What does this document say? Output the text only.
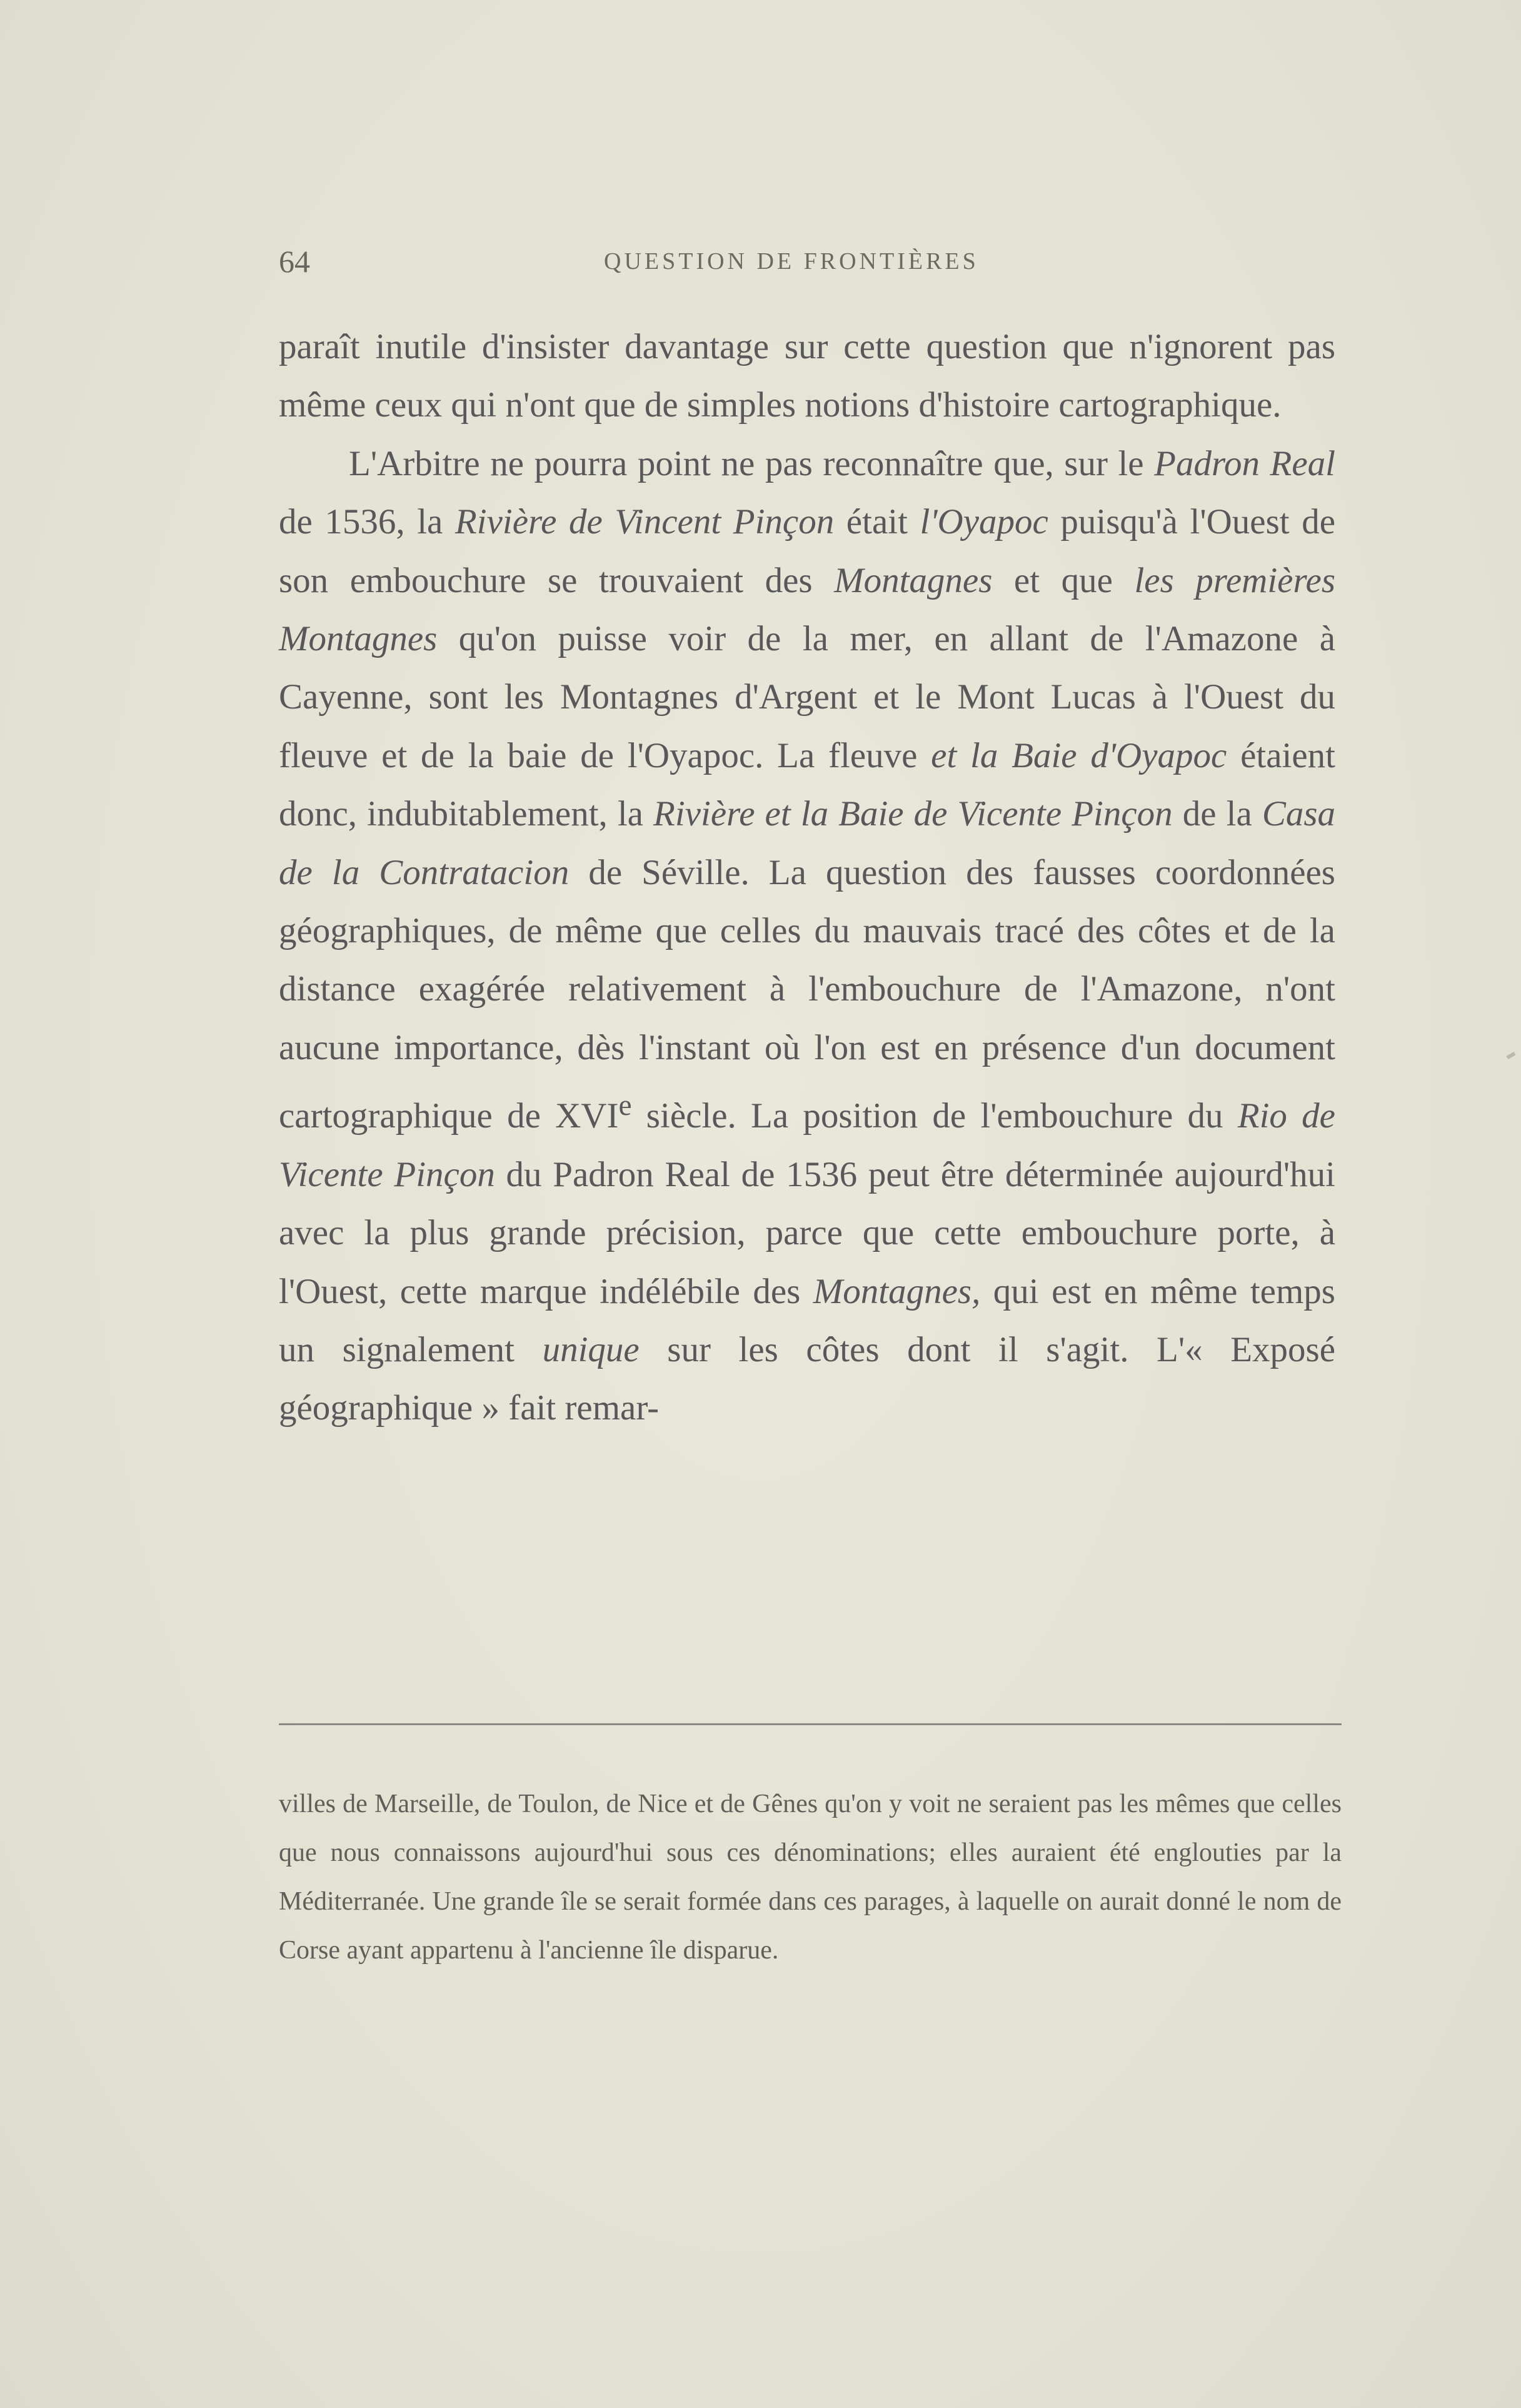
64	QUESTION DE FRONTIÈRES

paraît inutile d'insister davantage sur cette question que n'ignorent pas même ceux qui n'ont que de simples notions d'histoire cartographique.

L'Arbitre ne pourra point ne pas reconnaître que, sur le Padron Real de 1536, la Rivière de Vincent Pinçon était l'Oyapoc puisqu'à l'Ouest de son embouchure se trouvaient des Montagnes et que les premières Montagnes qu'on puisse voir de la mer, en allant de l'Amazone à Cayenne, sont les Montagnes d'Argent et le Mont Lucas à l'Ouest du fleuve et de la baie de l'Oyapoc. La fleuve et la Baie d'Oyapoc étaient donc, indubitablement, la Rivière et la Baie de Vicente Pinçon de la Casa de la Contratacion de Séville. La question des fausses coordonnées géographiques, de même que celles du mauvais tracé des côtes et de la distance exagérée relativement à l'embouchure de l'Amazone, n'ont aucune importance, dès l'instant où l'on est en présence d'un document cartographique de XVIe siècle. La position de l'embouchure du Rio de Vicente Pinçon du Padron Real de 1536 peut être déterminée aujourd'hui avec la plus grande précision, parce que cette embouchure porte, à l'Ouest, cette marque indélébile des Montagnes, qui est en même temps un signalement unique sur les côtes dont il s'agit. L'« Exposé géographique » fait remar-

villes de Marseille, de Toulon, de Nice et de Gênes qu'on y voit ne seraient pas les mêmes que celles que nous connaissons aujourd'hui sous ces dénominations; elles auraient été englouties par la Méditerranée. Une grande île se serait formée dans ces parages, à laquelle on aurait donné le nom de Corse ayant appartenu à l'ancienne île disparue.
